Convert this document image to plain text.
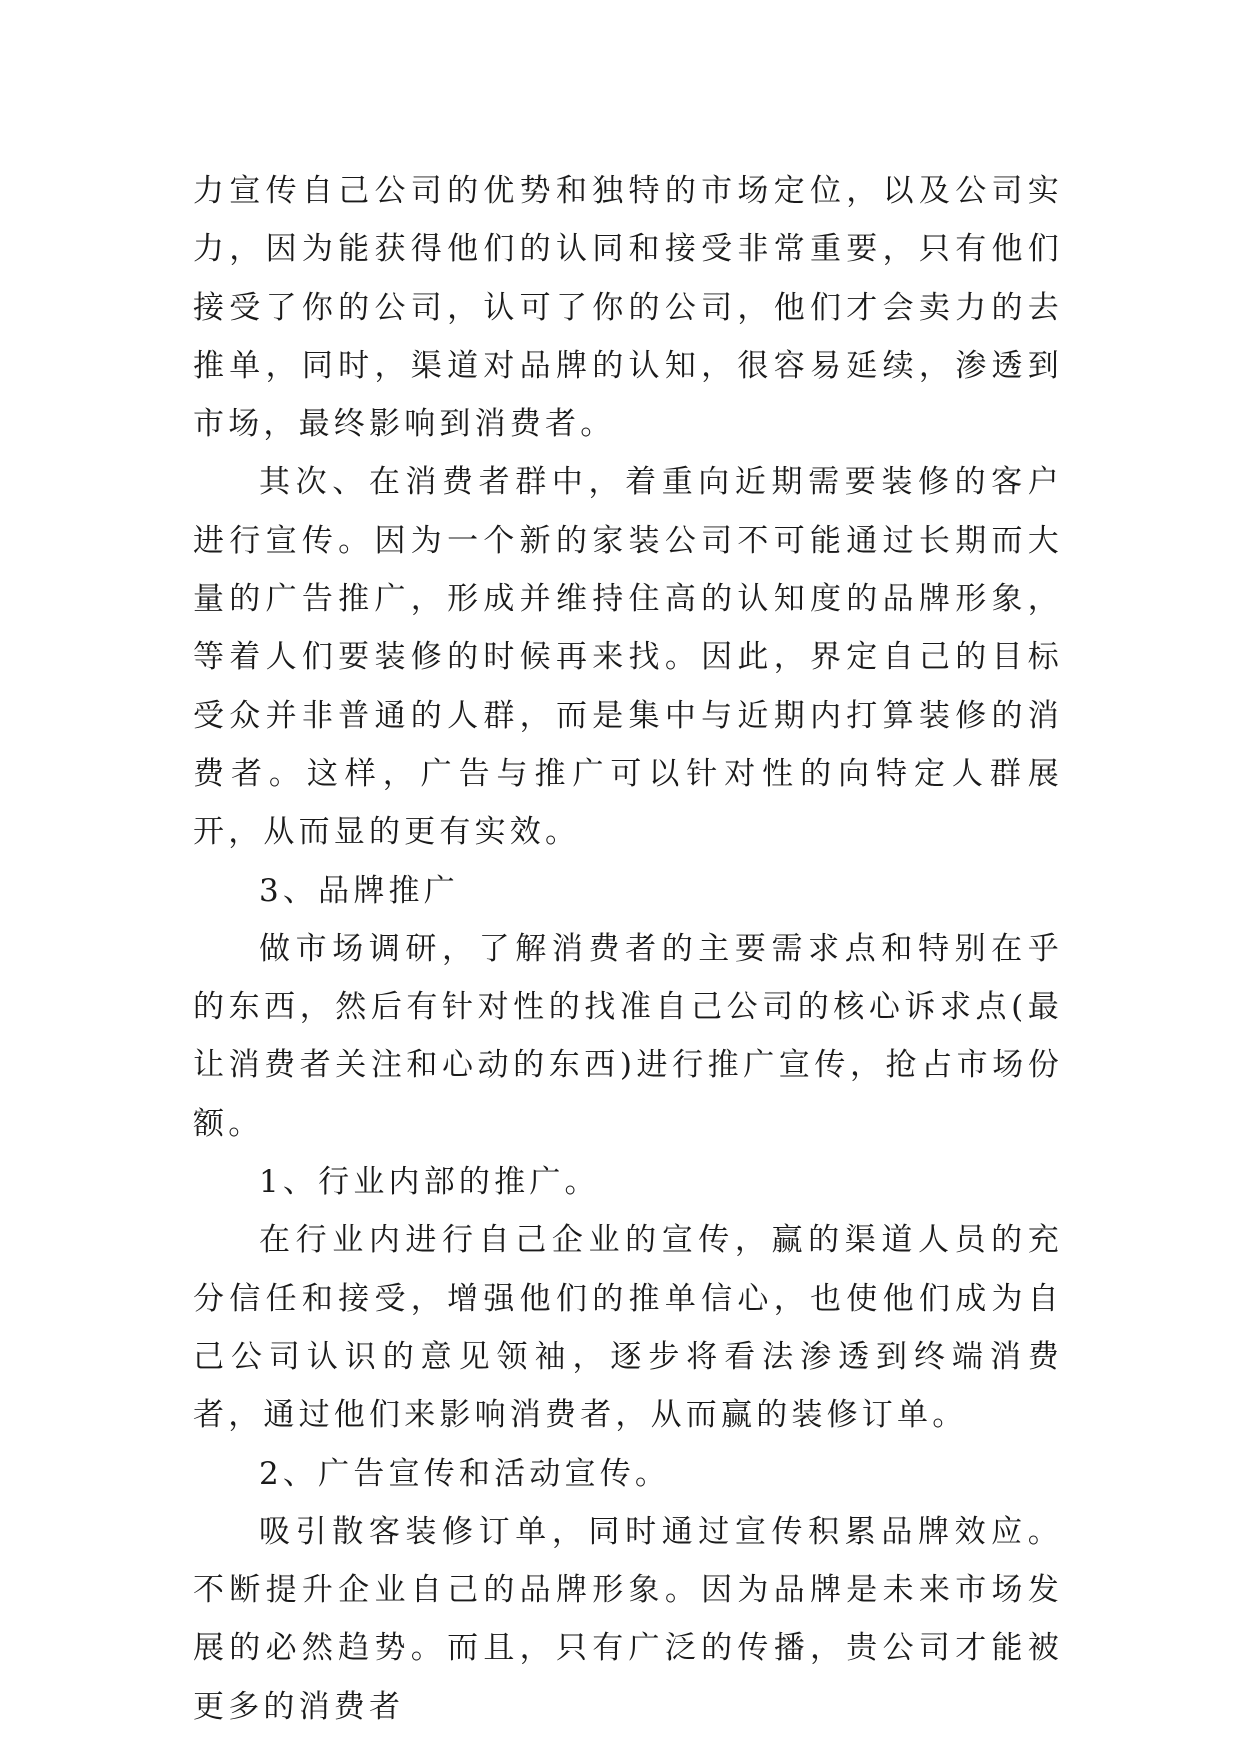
力宣传自己公司的优势和独特的市场定位，以及公司实力，因为能获得他们的认同和接受非常重要，只有他们接受了你的公司，认可了你的公司，他们才会卖力的去推单，同时，渠道对品牌的认知，很容易延续，渗透到市场，最终影响到消费者。

其次、在消费者群中，着重向近期需要装修的客户进行宣传。因为一个新的家装公司不可能通过长期而大量的广告推广，形成并维持住高的认知度的品牌形象，等着人们要装修的时候再来找。因此，界定自己的目标受众并非普通的人群，而是集中与近期内打算装修的消费者。这样，广告与推广可以针对性的向特定人群展开，从而显的更有实效。

3、品牌推广

做市场调研，了解消费者的主要需求点和特别在乎的东西，然后有针对性的找准自己公司的核心诉求点(最让消费者关注和心动的东西)进行推广宣传，抢占市场份额。

1、行业内部的推广。

在行业内进行自己企业的宣传，赢的渠道人员的充分信任和接受，增强他们的推单信心，也使他们成为自己公司认识的意见领袖，逐步将看法渗透到终端消费者，通过他们来影响消费者，从而赢的装修订单。

2、广告宣传和活动宣传。

吸引散客装修订单，同时通过宣传积累品牌效应。不断提升企业自己的品牌形象。因为品牌是未来市场发展的必然趋势。而且，只有广泛的传播，贵公司才能被更多的消费者
